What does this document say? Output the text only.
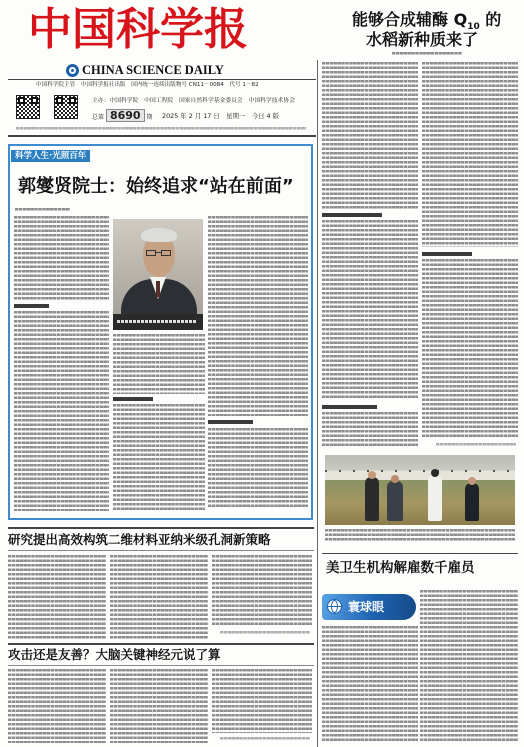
中国科学报
CHINA SCIENCE DAILY
中国科学院主管　中国科学报社出版　国内统一连续出版物号 CN11－0084　代号 1－82
主办：中国科学院　中国工程院　国家自然科学基金委员会　中国科学技术协会
总第 8690 期 2025 年 2 月 17 日　星期一　今日 4 版
能够合成辅酶 $Q_{10}$ 的
水稻新种质来了
美卫生机构解雇数千雇员
寰球眼
科学人生·光照百年
郭燮贤院士：始终追求“站在前面”
研究提出高效构筑二维材料亚纳米级孔洞新策略
攻击还是友善？大脑关键神经元说了算
